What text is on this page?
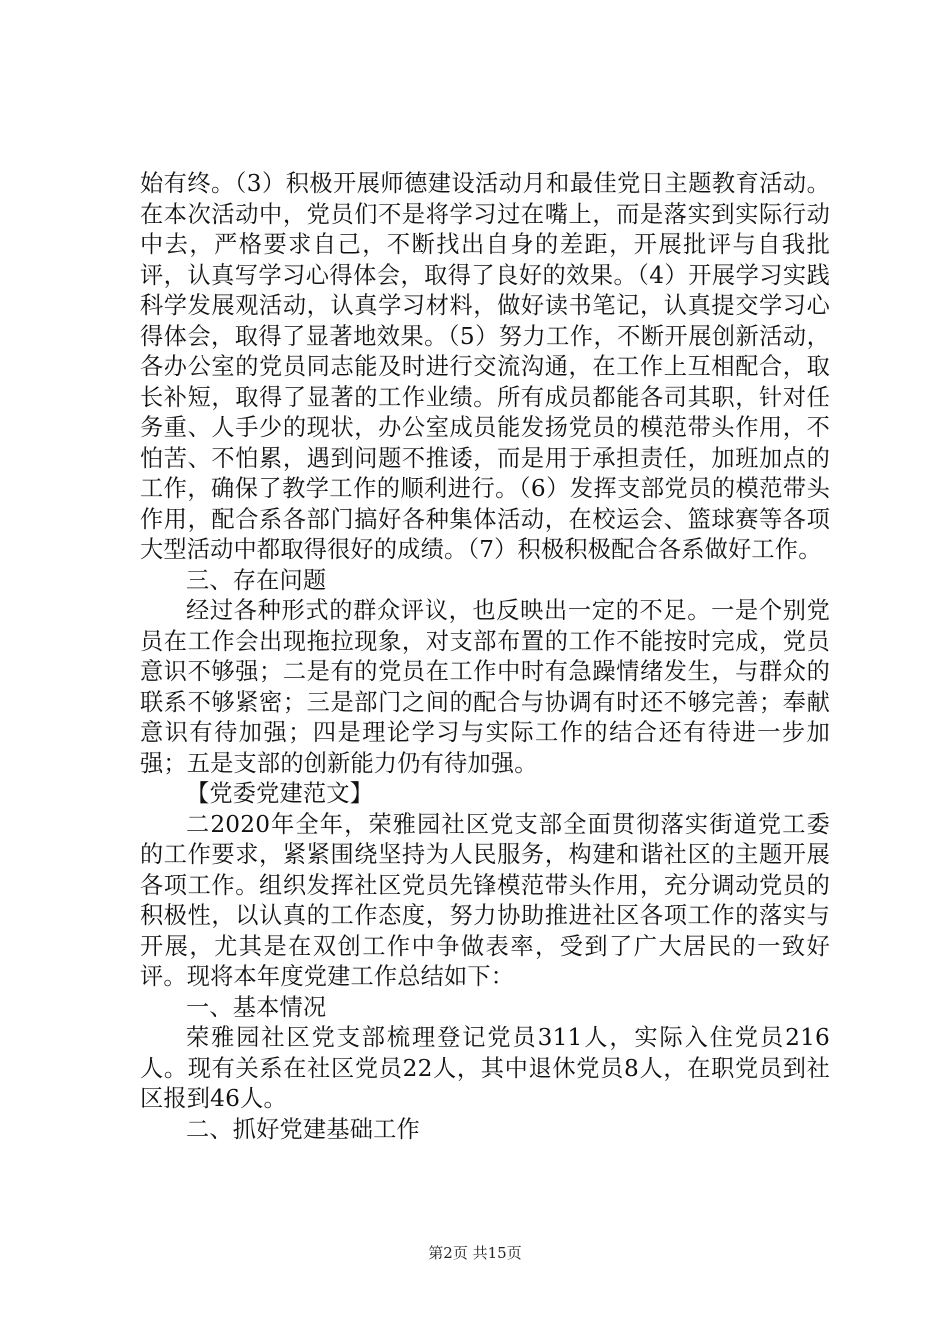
始有终。（3）积极开展师德建设活动月和最佳党日主题教育活动。在本次活动中，党员们不是将学习过在嘴上，而是落实到实际行动中去，严格要求自己，不断找出自身的差距，开展批评与自我批评，认真写学习心得体会，取得了良好的效果。（4）开展学习实践科学发展观活动，认真学习材料，做好读书笔记，认真提交学习心得体会，取得了显著地效果。（5）努力工作，不断开展创新活动，各办公室的党员同志能及时进行交流沟通，在工作上互相配合，取长补短，取得了显著的工作业绩。所有成员都能各司其职，针对任务重、人手少的现状，办公室成员能发扬党员的模范带头作用，不怕苦、不怕累，遇到问题不推诿，而是用于承担责任，加班加点的工作，确保了教学工作的顺利进行。（6）发挥支部党员的模范带头作用，配合系各部门搞好各种集体活动，在校运会、篮球赛等各项大型活动中都取得很好的成绩。（7）积极积极配合各系做好工作。

三、存在问题

经过各种形式的群众评议，也反映出一定的不足。一是个别党员在工作会出现拖拉现象，对支部布置的工作不能按时完成，党员意识不够强；二是有的党员在工作中时有急躁情绪发生，与群众的联系不够紧密；三是部门之间的配合与协调有时还不够完善；奉献意识有待加强；四是理论学习与实际工作的结合还有待进一步加强；五是支部的创新能力仍有待加强。

【党委党建范文】

二2020年全年，荣雅园社区党支部全面贯彻落实街道党工委的工作要求，紧紧围绕坚持为人民服务，构建和谐社区的主题开展各项工作。组织发挥社区党员先锋模范带头作用，充分调动党员的积极性，以认真的工作态度，努力协助推进社区各项工作的落实与开展，尤其是在双创工作中争做表率，受到了广大居民的一致好评。现将本年度党建工作总结如下：

一、基本情况

荣雅园社区党支部梳理登记党员311人，实际入住党员216人。现有关系在社区党员22人，其中退休党员8人，在职党员到社区报到46人。

二、抓好党建基础工作

第2页 共15页
